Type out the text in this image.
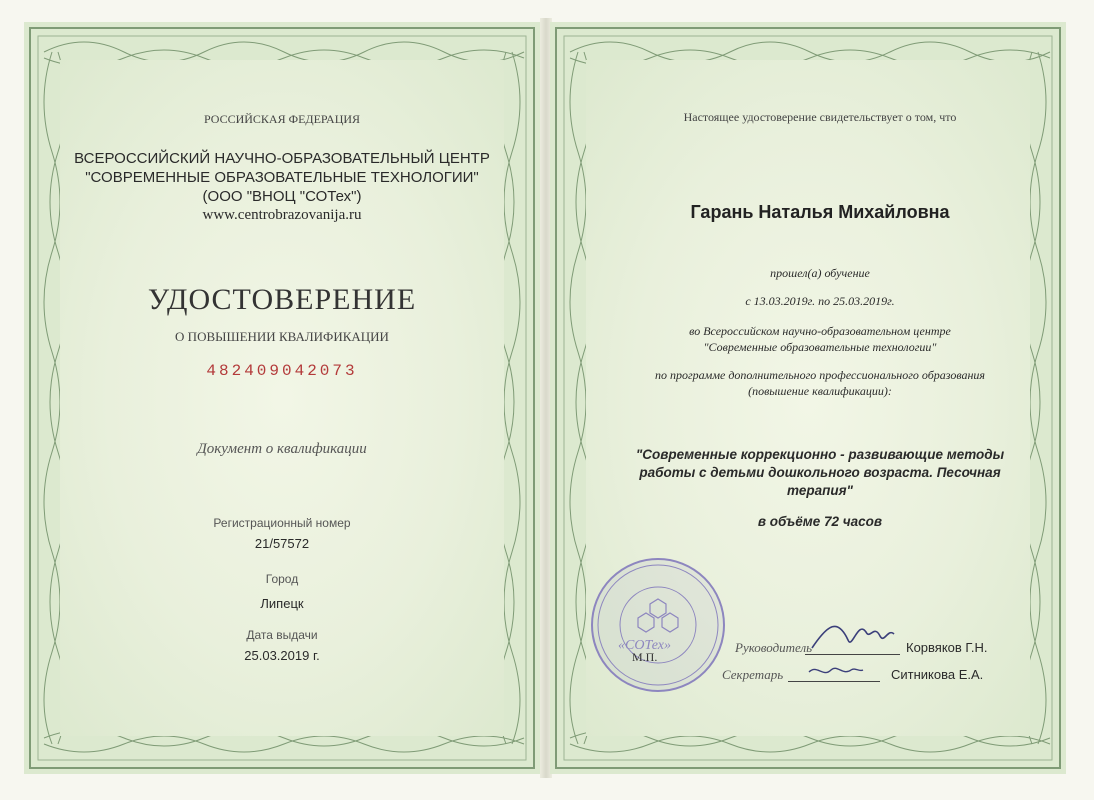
РОССИЙСКАЯ ФЕДЕРАЦИЯ
ВСЕРОССИЙСКИЙ НАУЧНО-ОБРАЗОВАТЕЛЬНЫЙ ЦЕНТР
"СОВРЕМЕННЫЕ ОБРАЗОВАТЕЛЬНЫЕ ТЕХНОЛОГИИ"
(ООО "ВНОЦ "СОТех")
www.centrobrazovanija.ru
УДОСТОВЕРЕНИЕ
О ПОВЫШЕНИИ КВАЛИФИКАЦИИ
482409042073
Документ о квалификации
Регистрационный номер
21/57572
Город
Липецк
Дата выдачи
25.03.2019 г.
Настоящее удостоверение свидетельствует о том, что
Гарань Наталья Михайловна
прошел(а) обучение
с 13.03.2019г. по 25.03.2019г.
во Всероссийском научно-образовательном центре
"Современные образовательные технологии"
по программе дополнительного профессионального образования
(повышение квалификации):
"Современные коррекционно - развивающие методы
работы с детьми дошкольного возраста. Песочная
терапия"
в объёме 72 часов
«СОТех»
М.П.
Руководитель	Корвяков Г.Н.
Секретарь	Ситникова Е.А.
